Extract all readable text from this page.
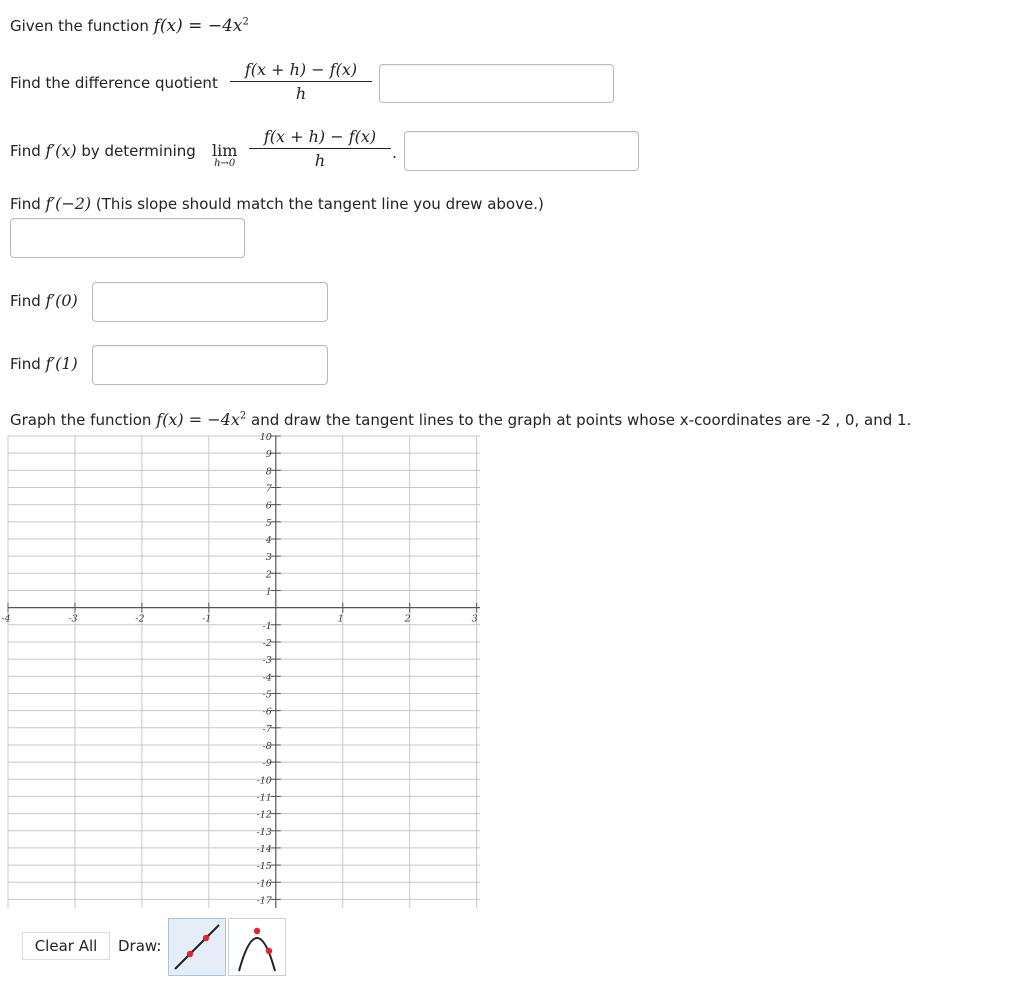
Given the function $f(x) = -4x^2$
Find the difference quotient
f(x + h) − f(x)
h
Find f′(x) by determining lim
h→0
f(x + h) − f(x)
h	.
Find f′(−2) (This slope should match the tangent line you drew above.)
Find f′(0)
Find f′(1)
Graph the function $f(x) = -4x^2$ and draw the tangent lines to the graph at points whose x-coordinates are -2 , 0, and 1.
10
9
8
7
6
5
4
3
2
1
-1
-2
-3
-4
-5
-6
-7
-8
-9
-10
-11
-12
-13
-14
-15
-16
-17
-4	-3	-2	-1	1	2	3
Clear All	Draw:
